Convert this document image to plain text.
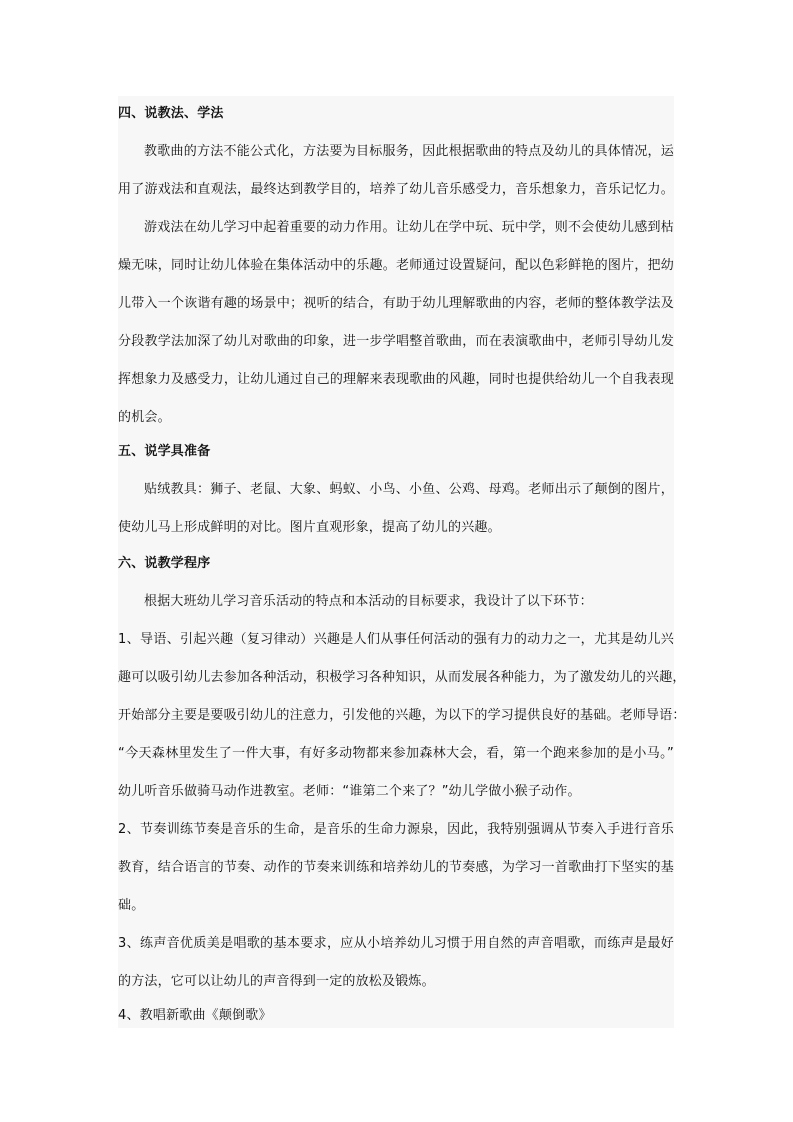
四、说教法、学法
教歌曲的方法不能公式化，方法要为目标服务，因此根据歌曲的特点及幼儿的具体情况，运
用了游戏法和直观法，最终达到教学目的，培养了幼儿音乐感受力，音乐想象力，音乐记忆力。
游戏法在幼儿学习中起着重要的动力作用。让幼儿在学中玩、玩中学，则不会使幼儿感到枯
燥无味，同时让幼儿体验在集体活动中的乐趣。老师通过设置疑问，配以色彩鲜艳的图片，把幼
儿带入一个诙谐有趣的场景中；视听的结合，有助于幼儿理解歌曲的内容，老师的整体教学法及
分段教学法加深了幼儿对歌曲的印象，进一步学唱整首歌曲，而在表演歌曲中，老师引导幼儿发
挥想象力及感受力，让幼儿通过自己的理解来表现歌曲的风趣，同时也提供给幼儿一个自我表现
的机会。
五、说学具准备
贴绒教具：狮子、老鼠、大象、蚂蚁、小鸟、小鱼、公鸡、母鸡。老师出示了颠倒的图片，
使幼儿马上形成鲜明的对比。图片直观形象，提高了幼儿的兴趣。
六、说教学程序
根据大班幼儿学习音乐活动的特点和本活动的目标要求，我设计了以下环节：
1、导语、引起兴趣（复习律动）兴趣是人们从事任何活动的强有力的动力之一，尤其是幼儿兴
趣可以吸引幼儿去参加各种活动，积极学习各种知识，从而发展各种能力，为了激发幼儿的兴趣，
开始部分主要是要吸引幼儿的注意力，引发他的兴趣，为以下的学习提供良好的基础。老师导语：
“今天森林里发生了一件大事，有好多动物都来参加森林大会，看，第一个跑来参加的是小马。”
幼儿听音乐做骑马动作进教室。老师：“谁第二个来了？”幼儿学做小猴子动作。
2、节奏训练节奏是音乐的生命，是音乐的生命力源泉，因此，我特别强调从节奏入手进行音乐
教育，结合语言的节奏、动作的节奏来训练和培养幼儿的节奏感，为学习一首歌曲打下坚实的基
础。
3、练声音优质美是唱歌的基本要求，应从小培养幼儿习惯于用自然的声音唱歌，而练声是最好
的方法，它可以让幼儿的声音得到一定的放松及锻炼。
4、教唱新歌曲《颠倒歌》
